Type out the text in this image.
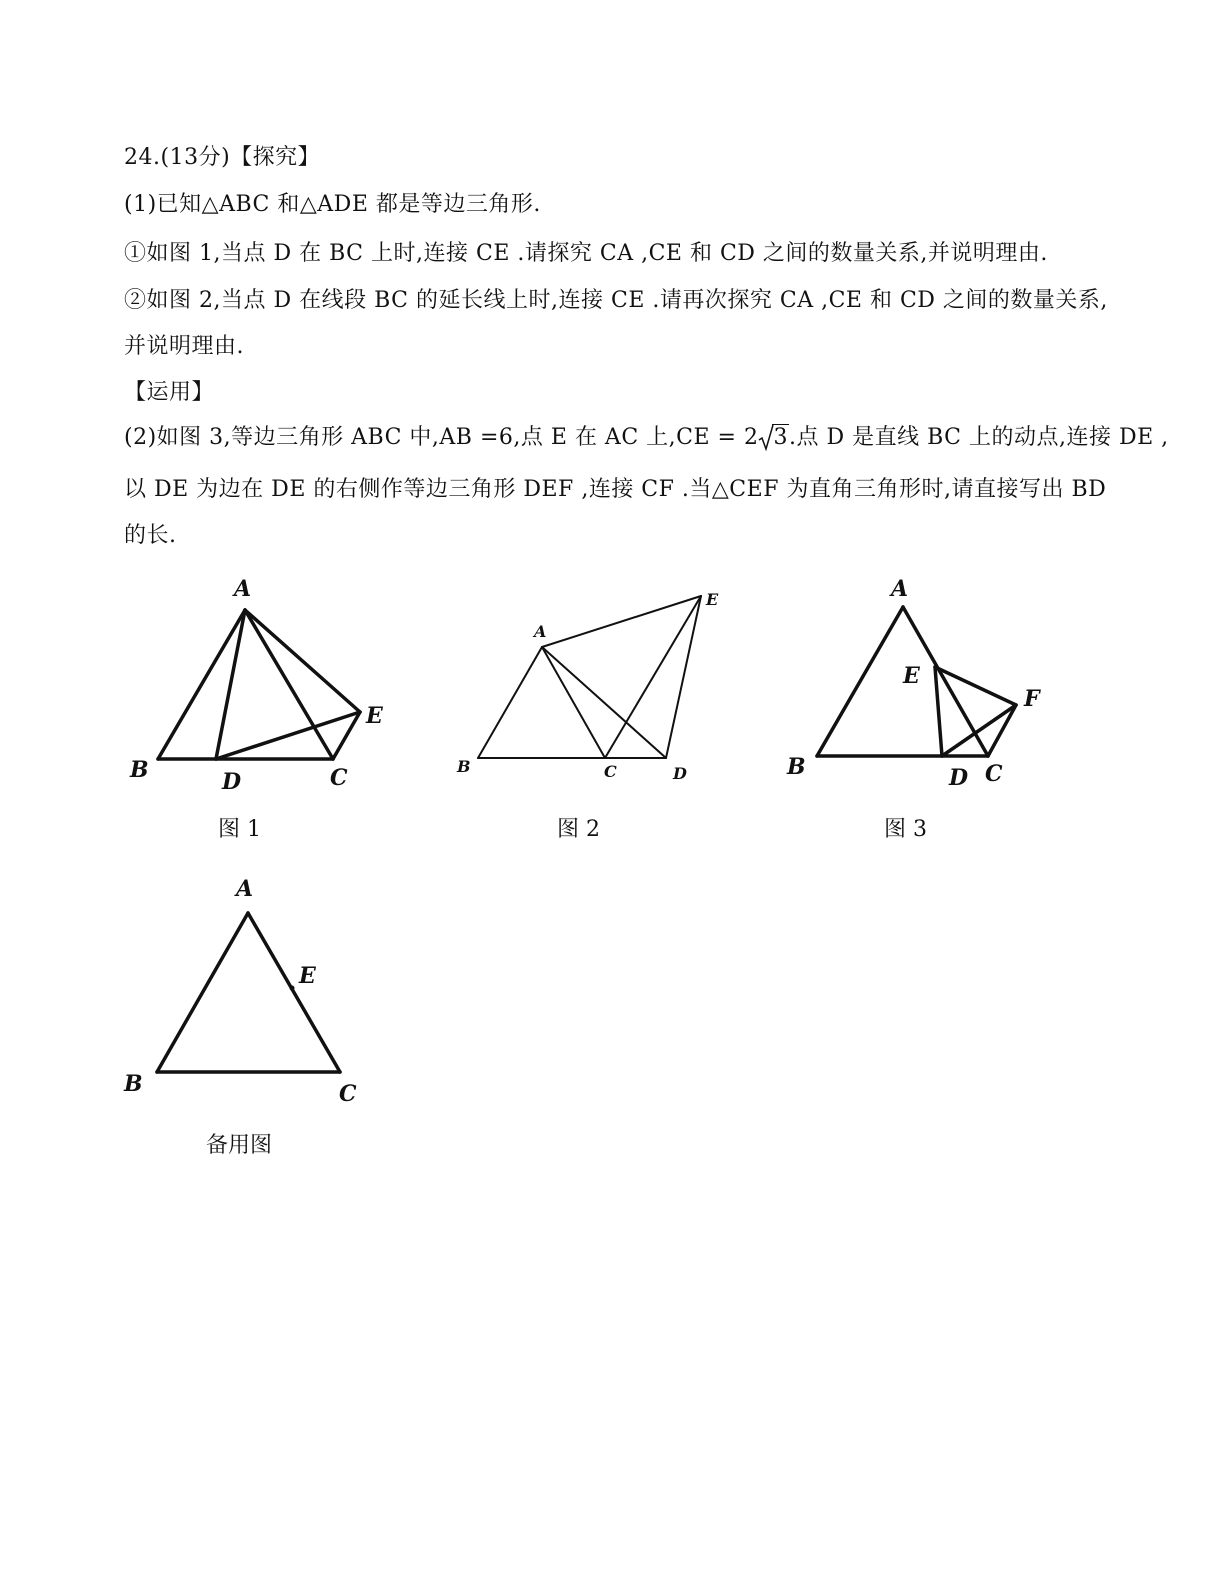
24.(13分)【探究】
(1)已知△ABC 和△ADE 都是等边三角形.
①如图 1,当点 D 在 BC 上时,连接 CE .请探究 CA ,CE 和 CD 之间的数量关系,并说明理由.
②如图 2,当点 D 在线段 BC 的延长线上时,连接 CE .请再次探究 CA ,CE 和 CD 之间的数量关系,
并说明理由.
【运用】
(2)如图 3,等边三角形 ABC 中,AB =6,点 E 在 AC 上,CE = 2 3.点 D 是直线 BC 上的动点,连接 DE ,
以 DE 为边在 DE 的右侧作等边三角形 DEF ,连接 CF .当△CEF 为直角三角形时,请直接写出 BD
的长.
A
B	D	C
E
A
B	C	D
E	A
E
F
B	D C
A
E
B	C
图 1	图 2	图 3
备用图
